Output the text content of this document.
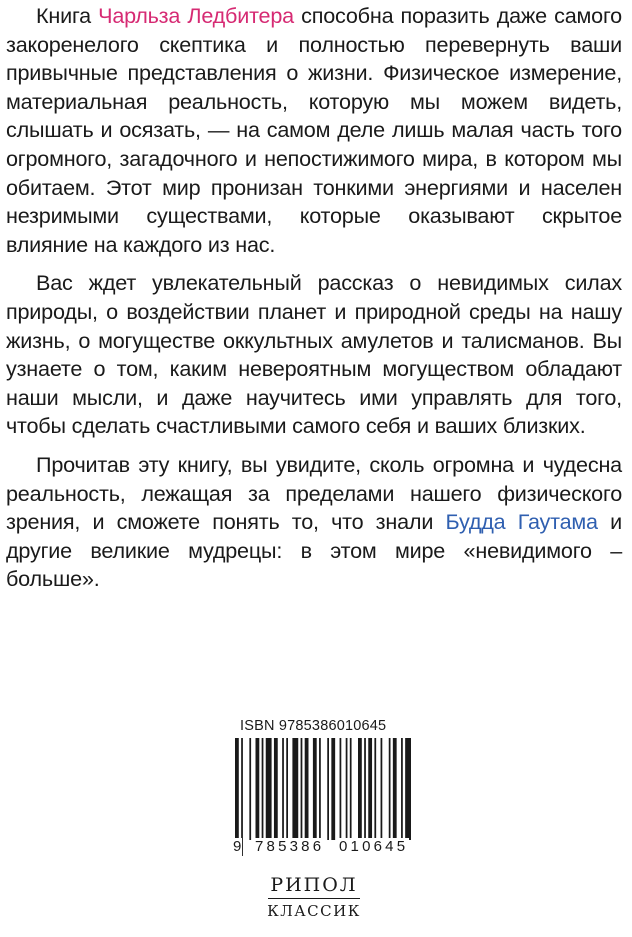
Книга Чарльза Ледбитера способна поразить даже самого закоренелого скептика и полностью перевернуть ваши привычные представления о жизни. Физическое измерение, материальная реальность, которую мы можем видеть, слышать и осязать, — на самом деле лишь малая часть того огромного, загадочного и непостижимого мира, в котором мы обитаем. Этот мир пронизан тонкими энергиями и населен незримыми существами, которые оказывают скрытое влияние на каждого из нас.

Вас ждет увлекательный рассказ о невидимых силах природы, о воздействии планет и природной среды на нашу жизнь, о могуществе оккультных амулетов и талисманов. Вы узнаете о том, каким невероятным могуществом обладают наши мысли, и даже научитесь ими управлять для того, чтобы сделать счастливыми самого себя и ваших близких.

Прочитав эту книгу, вы увидите, сколь огромна и чудесна реальность, лежащая за пределами нашего физического зрения, и сможете понять то, что знали Будда Гаутама и другие великие мудрецы: в этом мире «невидимого – больше».

ISBN 9785386010645
9 785386 010645
РИПОЛ
КЛАССИК
